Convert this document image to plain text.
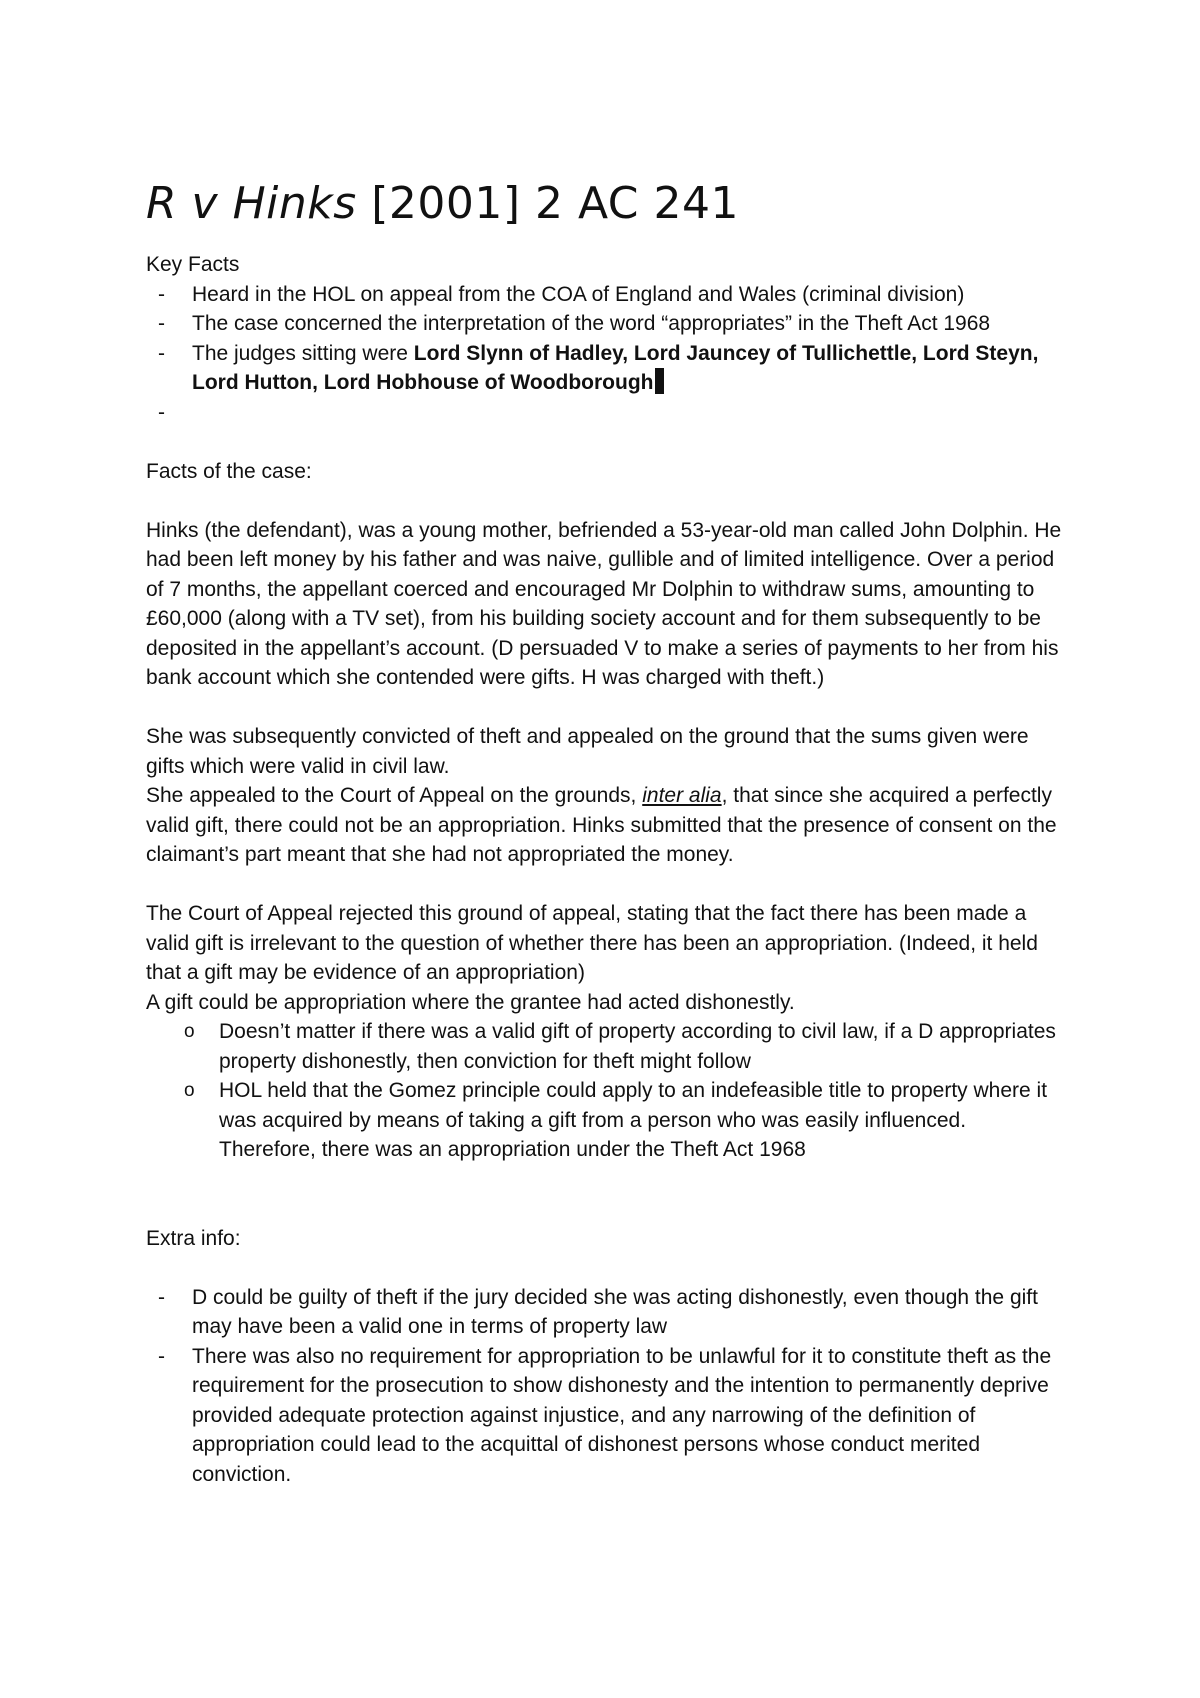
R v Hinks [2001] 2 AC 241

Key Facts

- Heard in the HOL on appeal from the COA of England and Wales (criminal division)
- The case concerned the interpretation of the word “appropriates” in the Theft Act 1968
- The judges sitting were Lord Slynn of Hadley, Lord Jauncey of Tullichettle, Lord Steyn, Lord Hutton, Lord Hobhouse of Woodborough
-

Facts of the case:

Hinks (the defendant), was a young mother, befriended a 53-year-old man called John Dolphin. He had been left money by his father and was naive, gullible and of limited intelligence. Over a period of 7 months, the appellant coerced and encouraged Mr Dolphin to withdraw sums, amounting to £60,000 (along with a TV set), from his building society account and for them subsequently to be deposited in the appellant’s account. (D persuaded V to make a series of payments to her from his bank account which she contended were gifts. H was charged with theft.)

She was subsequently convicted of theft and appealed on the ground that the sums given were gifts which were valid in civil law.

She appealed to the Court of Appeal on the grounds, inter alia, that since she acquired a perfectly valid gift, there could not be an appropriation. Hinks submitted that the presence of consent on the claimant’s part meant that she had not appropriated the money.

The Court of Appeal rejected this ground of appeal, stating that the fact there has been made a valid gift is irrelevant to the question of whether there has been an appropriation. (Indeed, it held that a gift may be evidence of an appropriation)

A gift could be appropriation where the grantee had acted dishonestly.

o Doesn’t matter if there was a valid gift of property according to civil law, if a D appropriates property dishonestly, then conviction for theft might follow
o HOL held that the Gomez principle could apply to an indefeasible title to property where it was acquired by means of taking a gift from a person who was easily influenced. Therefore, there was an appropriation under the Theft Act 1968

Extra info:

- D could be guilty of theft if the jury decided she was acting dishonestly, even though the gift may have been a valid one in terms of property law
- There was also no requirement for appropriation to be unlawful for it to constitute theft as the requirement for the prosecution to show dishonesty and the intention to permanently deprive provided adequate protection against injustice, and any narrowing of the definition of appropriation could lead to the acquittal of dishonest persons whose conduct merited conviction.
